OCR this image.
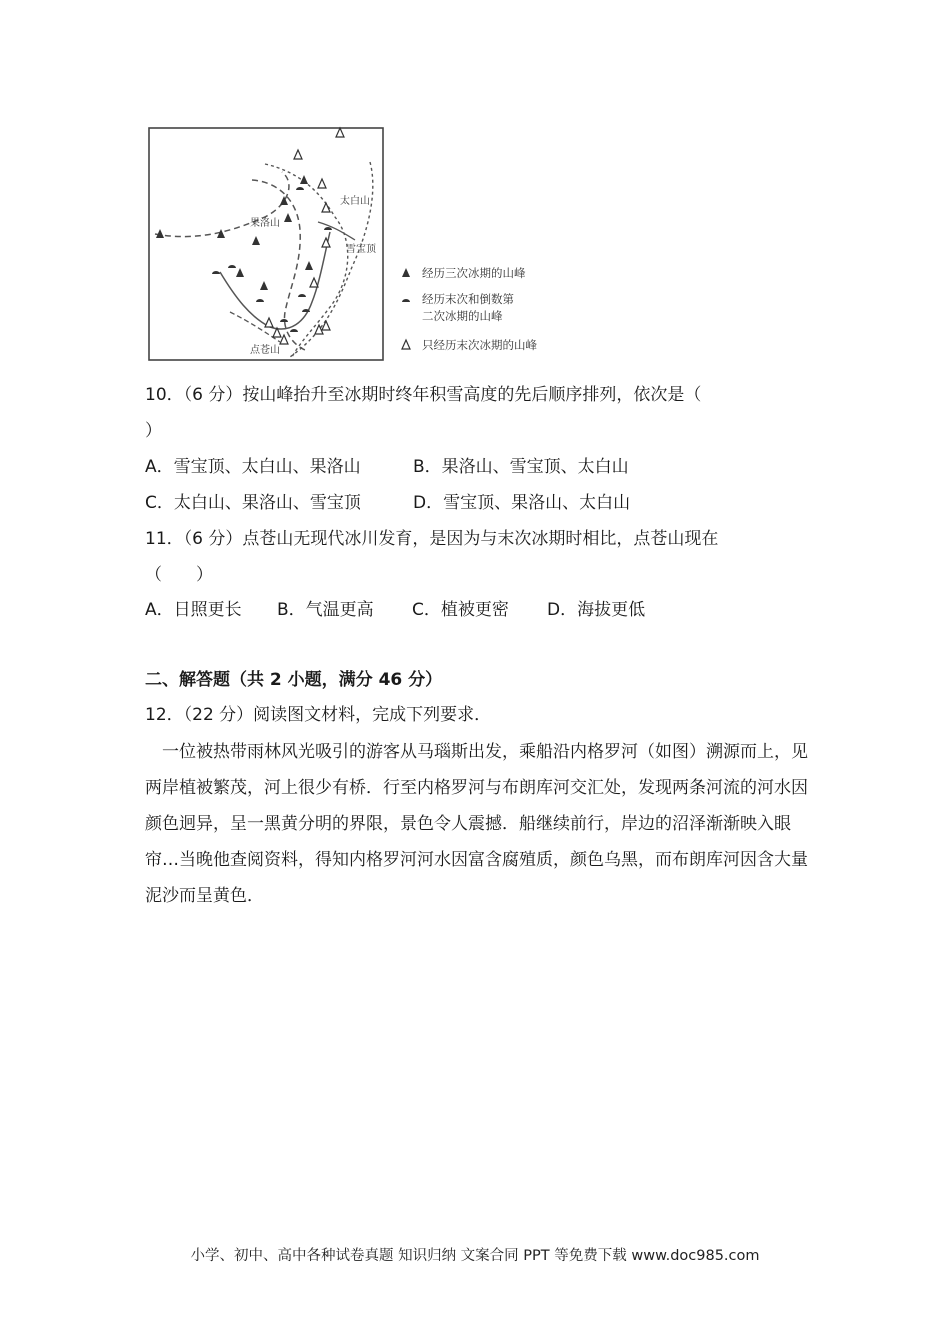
太白山
果洛山
雪宝顶
点苍山
经历三次冰期的山峰
经历末次和倒数第
二次冰期的山峰
只经历末次冰期的山峰
10．（6 分）按山峰抬升至冰期时终年积雪高度的先后顺序排列，依次是（
）
A．雪宝顶、太白山、果洛山	B．果洛山、雪宝顶、太白山
C．太白山、果洛山、雪宝顶	D．雪宝顶、果洛山、太白山
11．（6 分）点苍山无现代冰川发育，是因为与末次冰期时相比，点苍山现在
（　　）
A．日照更长 B．气温更高 C．植被更密 D．海拔更低
二、解答题（共 2 小题，满分 46 分）
12．（22 分）阅读图文材料，完成下列要求．
一位被热带雨林风光吸引的游客从马瑙斯出发，乘船沿内格罗河（如图）溯源而上，见两岸植被繁茂，河上很少有桥．行至内格罗河与布朗库河交汇处，发现两条河流的河水因颜色迥异，呈一黑黄分明的界限，景色令人震撼．船继续前行，岸边的沼泽渐渐映入眼帘…当晚他查阅资料，得知内格罗河河水因富含腐殖质，颜色乌黑，而布朗库河因含大量泥沙而呈黄色．
小学、初中、高中各种试卷真题 知识归纳 文案合同 PPT 等免费下载 www.doc985.com
